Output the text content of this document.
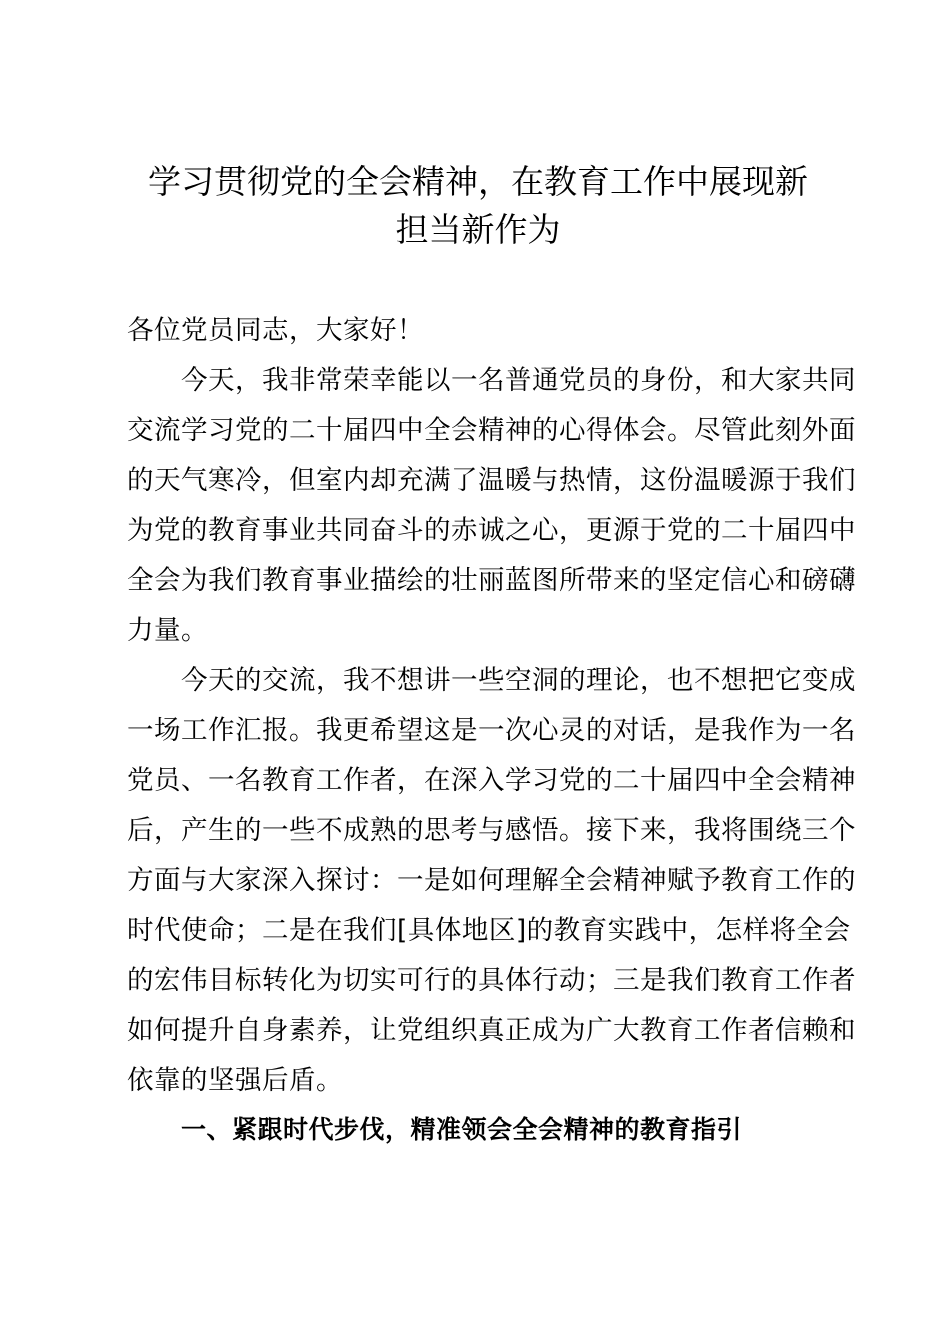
学习贯彻党的全会精神，在教育工作中展现新
担当新作为

各位党员同志，大家好！

今天，我非常荣幸能以一名普通党员的身份，和大家共同
交流学习党的二十届四中全会精神的心得体会。尽管此刻外面
的天气寒冷，但室内却充满了温暖与热情，这份温暖源于我们
为党的教育事业共同奋斗的赤诚之心，更源于党的二十届四中
全会为我们教育事业描绘的壮丽蓝图所带来的坚定信心和磅礴
力量。

今天的交流，我不想讲一些空洞的理论，也不想把它变成
一场工作汇报。我更希望这是一次心灵的对话，是我作为一名
党员、一名教育工作者，在深入学习党的二十届四中全会精神
后，产生的一些不成熟的思考与感悟。接下来，我将围绕三个
方面与大家深入探讨：一是如何理解全会精神赋予教育工作的
时代使命；二是在我们[具体地区]的教育实践中，怎样将全会
的宏伟目标转化为切实可行的具体行动；三是我们教育工作者
如何提升自身素养，让党组织真正成为广大教育工作者信赖和
依靠的坚强后盾。

一、紧跟时代步伐，精准领会全会精神的教育指引
